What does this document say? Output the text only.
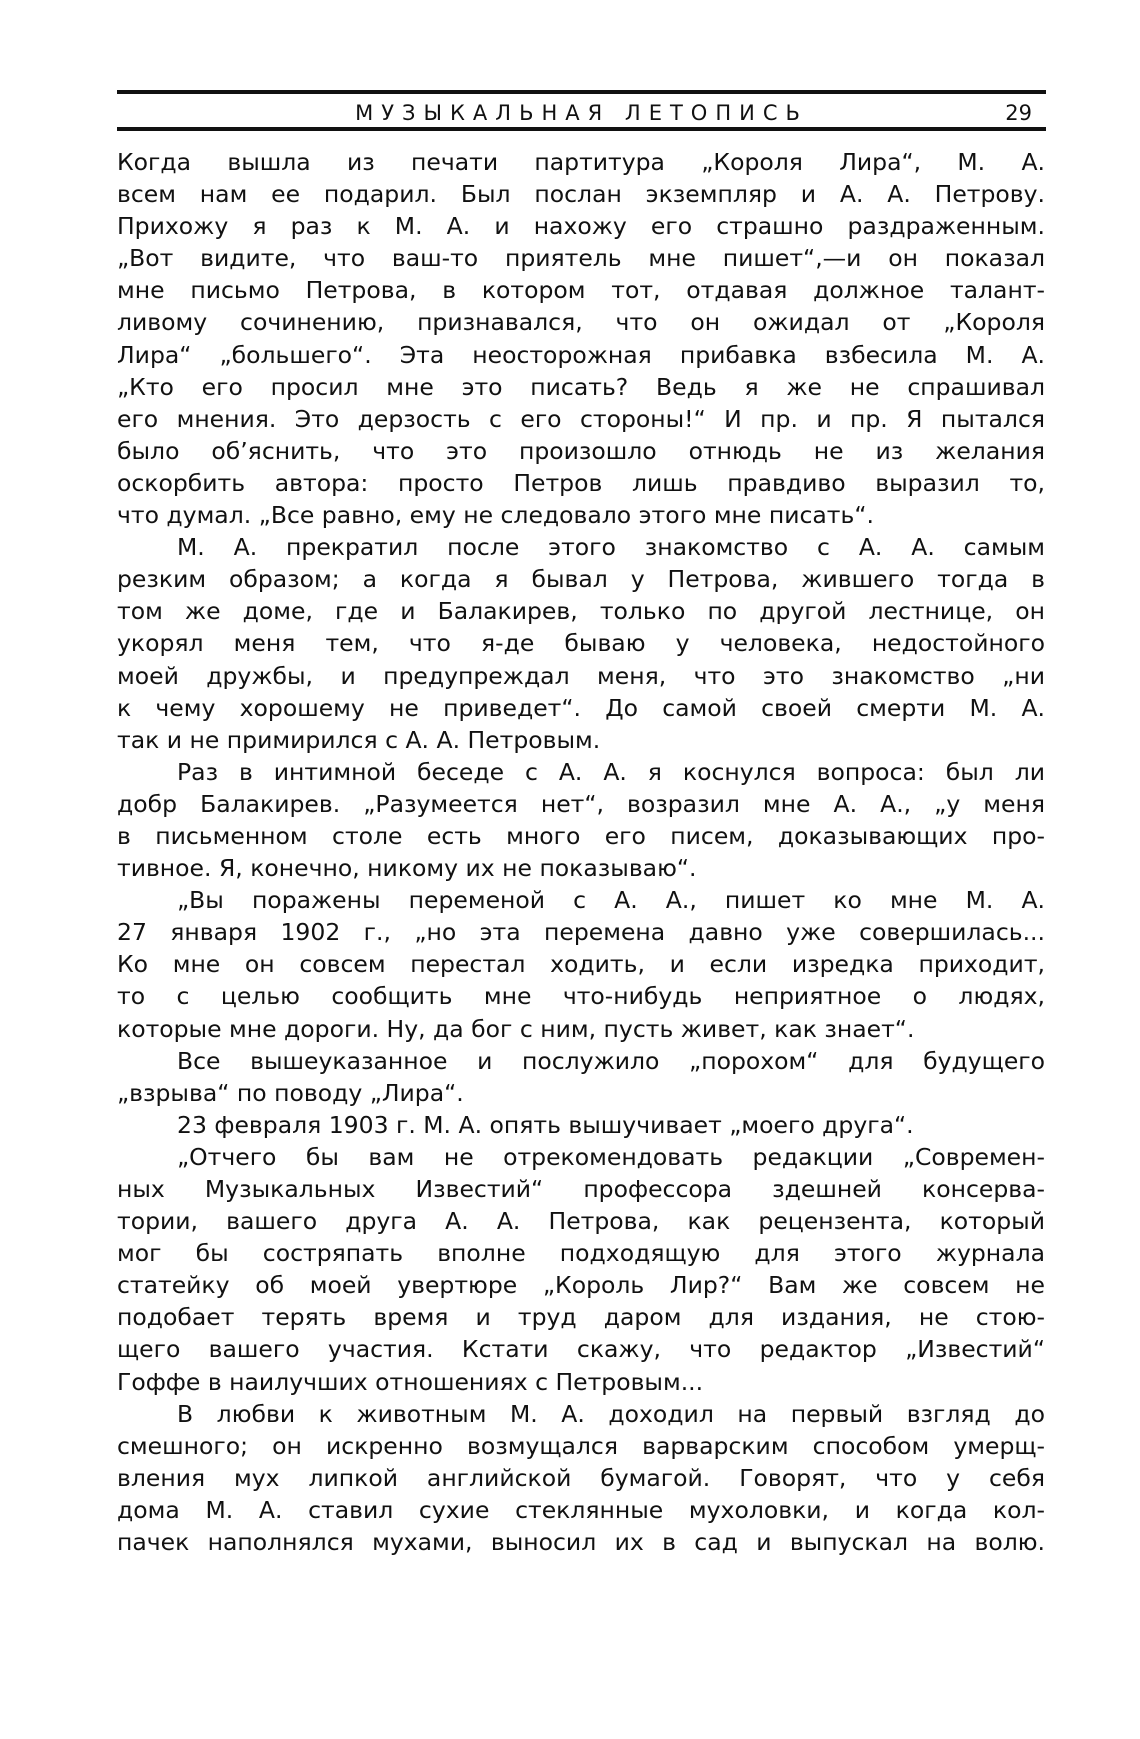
МУЗЫКАЛЬНАЯ ЛЕТОПИСЬ	29
Когда вышла из печати партитура „Короля Лира“, М. А.
всем нам ее подарил. Был послан экземпляр и А. А. Петрову.
Прихожу я раз к М. А. и нахожу его страшно раздраженным.
„Вот видите, что ваш-то приятель мне пишет“,—и он показал
мне письмо Петрова, в котором тот, отдавая должное талант-
ливому сочинению, признавался, что он ожидал от „Короля
Лира“ „большего“. Эта неосторожная прибавка взбесила М. А.
„Кто его просил мне это писать? Ведь я же не спрашивал
его мнения. Это дерзость с его стороны!“ И пр. и пр. Я пытался
было об’яснить, что это произошло отнюдь не из желания
оскорбить автора: просто Петров лишь правдиво выразил то,
что думал. „Все равно, ему не следовало этого мне писать“.
М. А. прекратил после этого знакомство с А. А. самым
резким образом; а когда я бывал у Петрова, жившего тогда в
том же доме, где и Балакирев, только по другой лестнице, он
укорял меня тем, что я-де бываю у человека, недостойного
моей дружбы, и предупреждал меня, что это знакомство „ни
к чему хорошему не приведет“. До самой своей смерти М. А.
так и не примирился с А. А. Петровым.
Раз в интимной беседе с А. А. я коснулся вопроса: был ли
добр Балакирев. „Разумеется нет“, возразил мне А. А., „у меня
в письменном столе есть много его писем, доказывающих про-
тивное. Я, конечно, никому их не показываю“.
„Вы поражены переменой с А. А., пишет ко мне М. А.
27 января 1902 г., „но эта перемена давно уже совершилась...
Ко мне он совсем перестал ходить, и если изредка приходит,
то с целью сообщить мне что-нибудь неприятное о людях,
которые мне дороги. Ну, да бог с ним, пусть живет, как знает“.
Все вышеуказанное и послужило „порохом“ для будущего
„взрыва“ по поводу „Лира“.
23 февраля 1903 г. М. А. опять вышучивает „моего друга“.
„Отчего бы вам не отрекомендовать редакции „Современ-
ных Музыкальных Известий“ профессора здешней консерва-
тории, вашего друга А. А. Петрова, как рецензента, который
мог бы состряпать вполне подходящую для этого журнала
статейку об моей увертюре „Король Лир?“ Вам же совсем не
подобает терять время и труд даром для издания, не стою-
щего вашего участия. Кстати скажу, что редактор „Известий“
Гоффе в наилучших отношениях с Петровым...
В любви к животным М. А. доходил на первый взгляд до
смешного; он искренно возмущался варварским способом умерщ-
вления мух липкой английской бумагой. Говорят, что у себя
дома М. А. ставил сухие стеклянные мухоловки, и когда кол-
пачек наполнялся мухами, выносил их в сад и выпускал на волю.
